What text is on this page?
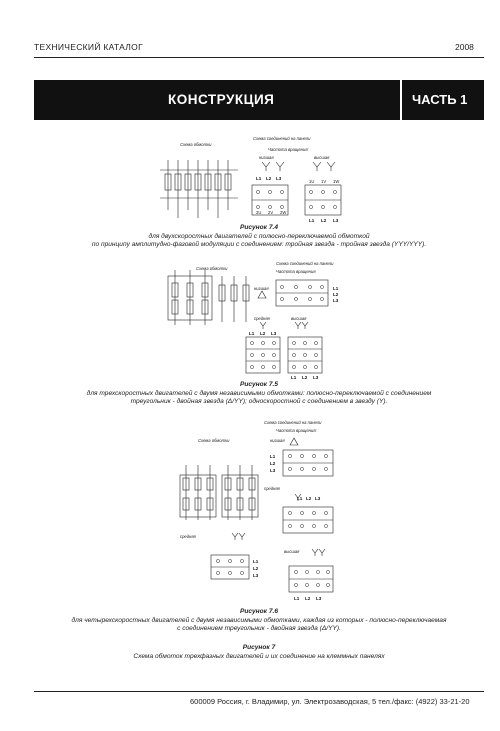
ТЕХНИЧЕСКИЙ КАТАЛОГ	2008
КОНСТРУКЦИЯ	ЧАСТЬ 1
Схема обмотки
Схема соединений на панели
Частота вращения:
низшая	высшая
L1 L2 L3
1U 1V 1W
2U 2V 2W
L1 L2 L3
Схема соединений на панели
Схема обмотки
Частота вращения
низшая	L1
L2
L3
средняя	высшая
L1 L2 L3
L1 L2 L3
Схема соединений на панели
Частота вращения:
Схема обмотки	низшая
L1
L2
L3
средняя
L1 L2 L3
средняя
высшая
L1
L2
L3
L1 L2 L3
Рисунок 7.4
для двухскоростных двигателей с полюсно-переключаемой обмоткой
по принципу амплитудно-фазовой модуляции с соединением: тройная звезда - тройная звезда (YYY/YYY).
Рисунок 7.5
для трехскоростных двигателей с двумя независимыми обмотками: полюсно-переключаемой с соединением
треугольник - двойная звезда (Δ/YY); односкоростной с соединением в звезду (Y).
Рисунок 7.6
для четырехскоростных двигателей с двумя независимыми обмотками, каждая из которых - полюсно-переключаемая
с соединением треугольник - двойная звезда (Δ/YY).
Рисунок 7
Схема обмоток трехфазных двигателей и их соединение на клеммных панелях
600009 Россия, г. Владимир, ул. Электрозаводская, 5 тел./факс: (4922) 33-21-20
